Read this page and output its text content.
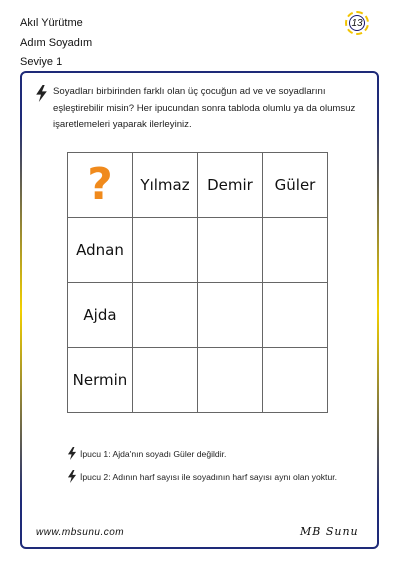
Akıl Yürütme
Adım Soyadım
Seviye 1
13
Soyadları birbirinden farklı olan üç çocuğun ad ve ve soyadlarını eşleştirebilir misin? Her ipucundan sonra tabloda olumlu ya da olumsuz işaretlemeleri yaparak ilerleyiniz.
?	Yılmaz	Demir	Güler
Adnan			
Ajda			
Nermin			
İpucu 1: Ajda'nın soyadı Güler değildir.
İpucu 2: Adının harf sayısı ile soyadının harf sayısı aynı olan yoktur.
www.mbsunu.com	MB Sunu
